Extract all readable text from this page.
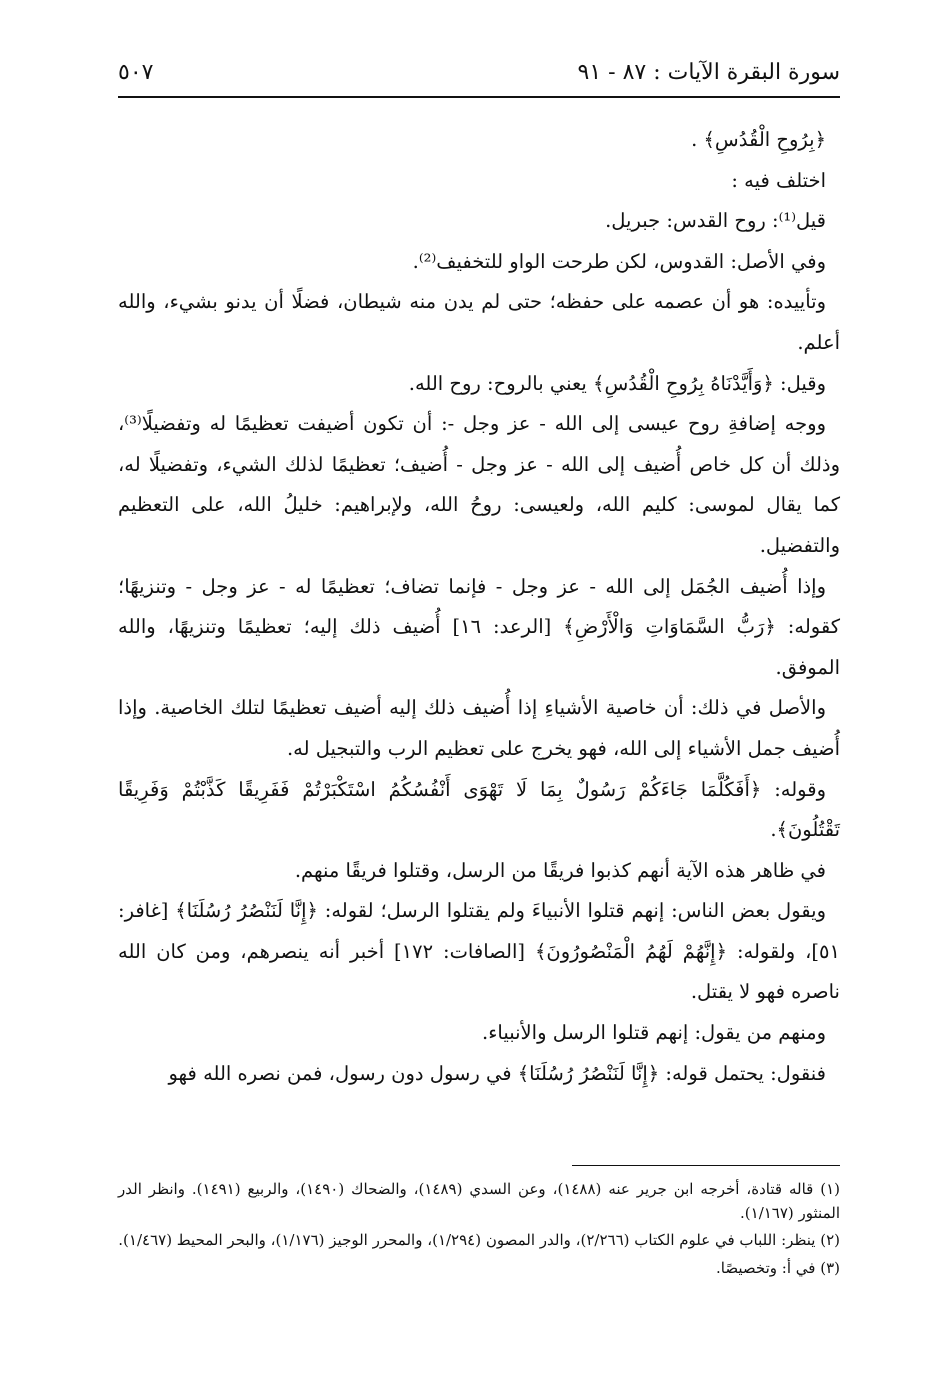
سورة البقرة الآيات : ٨٧ - ٩١
٥٠٧

﴿بِرُوحِ الْقُدُسِ﴾ .

اختلف فيه :

قيل⁽¹⁾: روح القدس: جبريل.

وفي الأصل: القدوس، لكن طرحت الواو للتخفيف⁽²⁾.

وتأييده: هو أن عصمه على حفظه؛ حتى لم يدن منه شيطان، فضلًا أن يدنو بشيء، والله أعلم.

وقيل: ﴿وَأَيَّدْنَاهُ بِرُوحِ الْقُدُسِ﴾ يعني بالروح: روح الله.

ووجه إضافةِ روح عيسى إلى الله - عز وجل -: أن تكون أضيفت تعظيمًا له وتفضيلًا⁽³⁾، وذلك أن كل خاص أُضيف إلى الله - عز وجل - أُضيف؛ تعظيمًا لذلك الشيء، وتفضيلًا له، كما يقال لموسى: كليم الله، ولعيسى: روحُ الله، ولإبراهيم: خليلُ الله، على التعظيم والتفضيل.

وإذا أُضيف الجُمَل إلى الله - عز وجل - فإنما تضاف؛ تعظيمًا له - عز وجل - وتنزيهًا؛ كقوله: ﴿رَبُّ السَّمَاوَاتِ وَالْأَرْضِ﴾ [الرعد: ١٦] أُضيف ذلك إليه؛ تعظيمًا وتنزيهًا، والله الموفق.

والأصل في ذلك: أن خاصية الأشياءِ إذا أُضيف ذلك إليه أضيف تعظيمًا لتلك الخاصية. وإذا أُضيف جمل الأشياء إلى الله، فهو يخرج على تعظيم الرب والتبجيل له.

وقوله: ﴿أَفَكُلَّمَا جَاءَكُمْ رَسُولٌ بِمَا لَا تَهْوَى أَنْفُسُكُمُ اسْتَكْبَرْتُمْ فَفَرِيقًا كَذَّبْتُمْ وَفَرِيقًا تَقْتُلُونَ﴾.

في ظاهر هذه الآية أنهم كذبوا فريقًا من الرسل، وقتلوا فريقًا منهم.

ويقول بعض الناس: إنهم قتلوا الأنبياءَ ولم يقتلوا الرسل؛ لقوله: ﴿إِنَّا لَنَنْصُرُ رُسُلَنَا﴾ [غافر: ٥١]، ولقوله: ﴿إِنَّهُمْ لَهُمُ الْمَنْصُورُونَ﴾ [الصافات: ١٧٢] أخبر أنه ينصرهم، ومن كان الله ناصره فهو لا يقتل.

ومنهم من يقول: إنهم قتلوا الرسل والأنبياء.

فنقول: يحتمل قوله: ﴿إِنَّا لَنَنْصُرُ رُسُلَنَا﴾ في رسول دون رسول، فمن نصره الله فهو

(١) قاله قتادة، أخرجه ابن جرير عنه (١٤٨٨)، وعن السدي (١٤٨٩)، والضحاك (١٤٩٠)، والربيع (١٤٩١). وانظر الدر المنثور (١/١٦٧).

(٢) ينظر: اللباب في علوم الكتاب (٢/٢٦٦)، والدر المصون (١/٢٩٤)، والمحرر الوجيز (١/١٧٦)، والبحر المحيط (١/٤٦٧).

(٣) في أ: وتخصيصًا.
